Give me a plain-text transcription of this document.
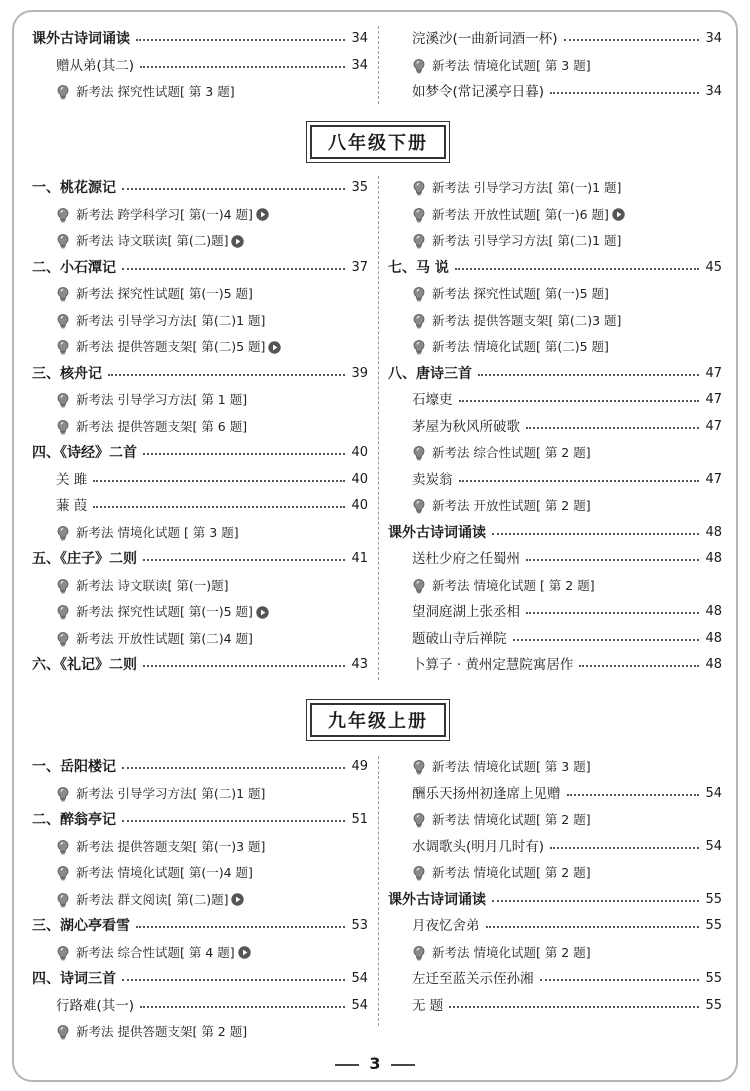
课外古诗词诵读	34
赠从弟(其二)	34
新考法 探究性试题[ 第 3 题]
浣溪沙(一曲新词酒一杯)	34
新考法 情境化试题[ 第 3 题]
如梦令(常记溪亭日暮)	34
八年级下册
一、桃花源记	35
新考法 跨学科学习[ 第(一)4 题]
新考法 诗文联读[ 第(二)题]
二、小石潭记	37
新考法 探究性试题[ 第(一)5 题]
新考法 引导学习方法[ 第(二)1 题]
新考法 提供答题支架[ 第(二)5 题]
三、核舟记	39
新考法 引导学习方法[ 第 1 题]
新考法 提供答题支架[ 第 6 题]
四、《诗经》二首	40
关 雎	40
蒹 葭	40
新考法 情境化试题 [ 第 3 题]
五、《庄子》二则	41
新考法 诗文联读[ 第(一)题]
新考法 探究性试题[ 第(一)5 题]
新考法 开放性试题[ 第(二)4 题]
六、《礼记》二则	43
新考法 引导学习方法[ 第(一)1 题]
新考法 开放性试题[ 第(一)6 题]
新考法 引导学习方法[ 第(二)1 题]
七、马 说	45
新考法 探究性试题[ 第(一)5 题]
新考法 提供答题支架[ 第(二)3 题]
新考法 情境化试题[ 第(二)5 题]
八、唐诗三首	47
石壕吏	47
茅屋为秋风所破歌	47
新考法 综合性试题[ 第 2 题]
卖炭翁	47
新考法 开放性试题[ 第 2 题]
课外古诗词诵读	48
送杜少府之任蜀州	48
新考法 情境化试题 [ 第 2 题]
望洞庭湖上张丞相	48
题破山寺后禅院	48
卜算子 · 黄州定慧院寓居作	48
九年级上册
一、岳阳楼记	49
新考法 引导学习方法[ 第(二)1 题]
二、醉翁亭记	51
新考法 提供答题支架[ 第(一)3 题]
新考法 情境化试题[ 第(一)4 题]
新考法 群文阅读[ 第(二)题]
三、湖心亭看雪	53
新考法 综合性试题[ 第 4 题]
四、诗词三首	54
行路难(其一)	54
新考法 提供答题支架[ 第 2 题]
新考法 情境化试题[ 第 3 题]
酬乐天扬州初逢席上见赠	54
新考法 情境化试题[ 第 2 题]
水调歌头(明月几时有)	54
新考法 情境化试题[ 第 2 题]
课外古诗词诵读	55
月夜忆舍弟	55
新考法 情境化试题[ 第 2 题]
左迁至蓝关示侄孙湘	55
无 题	55
3
